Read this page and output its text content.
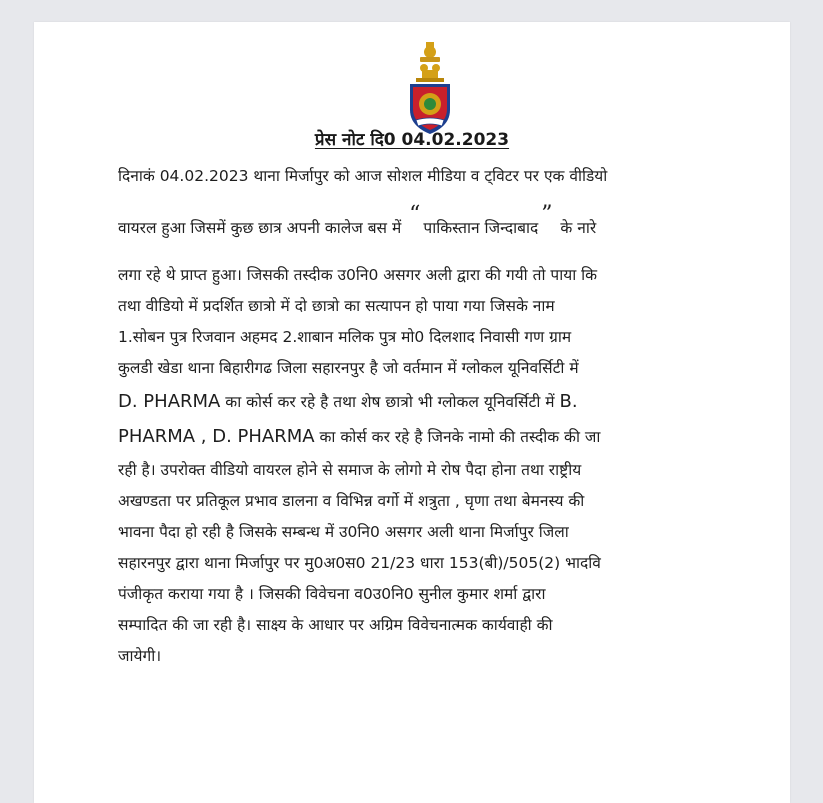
प्रेस नोट दि0 04.02.2023
दिनाकं 04.02.2023 थाना मिर्जापुर को आज सोशल मीडिया व ट्विटर पर एक वीडियो
वायरल हुआ जिसमें कुछ छात्र अपनी कालेज बस में “पाकिस्तान जिन्दाबाद” के नारे
लगा रहे थे प्राप्त हुआ। जिसकी तस्दीक उ0नि0 असगर अली द्वारा की गयी तो पाया कि
तथा वीडियो में प्रदर्शित छात्रो में दो छात्रो का सत्यापन हो पाया गया जिसके नाम
1.सोबन पुत्र रिजवान अहमद 2.शाबान मलिक पुत्र मो0 दिलशाद निवासी गण ग्राम
कुलडी खेडा थाना बिहारीगढ जिला सहारनपुर है जो वर्तमान में ग्लोकल यूनिवर्सिटी में
D. PHARMA का कोर्स कर रहे है तथा शेष छात्रो भी ग्लोकल यूनिवर्सिटी में B.
PHARMA , D. PHARMA का कोर्स कर रहे है जिनके नामो की तस्दीक की जा
रही है। उपरोक्त वीडियो वायरल होने से समाज के लोगो मे रोष पैदा होना तथा राष्ट्रीय
अखण्डता पर प्रतिकूल प्रभाव डालना व विभिन्न वर्गो में शत्रुता , घृणा तथा बेमनस्य की
भावना पैदा हो रही है जिसके सम्बन्ध में उ0नि0 असगर अली थाना मिर्जापुर जिला
सहारनपुर द्वारा थाना मिर्जापुर पर मु0अ0स0 21/23 धारा 153(बी)/505(2) भादवि
पंजीकृत कराया गया है । जिसकी विवेचना व0उ0नि0 सुनील कुमार शर्मा द्वारा
सम्पादित की जा रही है। साक्ष्य के आधार पर अग्रिम विवेचनात्मक कार्यवाही की
जायेगी।
